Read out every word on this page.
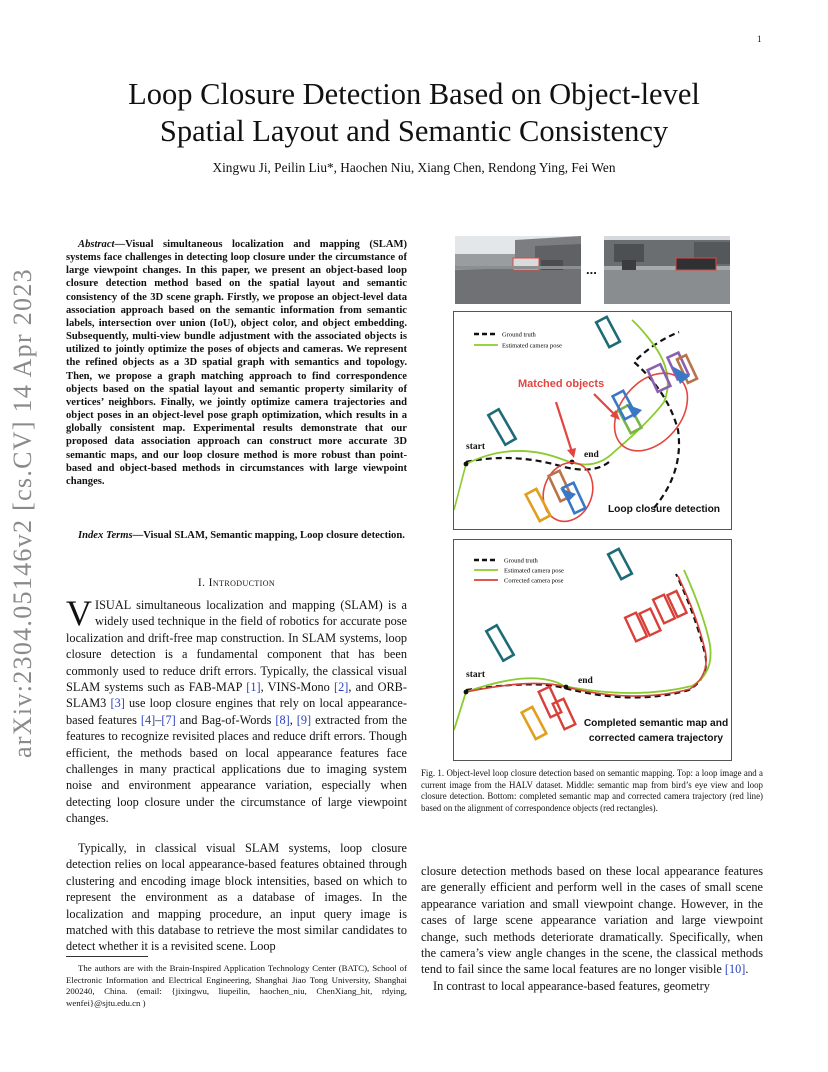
1
arXiv:2304.05146v2 [cs.CV] 14 Apr 2023
Loop Closure Detection Based on Object-level
Spatial Layout and Semantic Consistency
Xingwu Ji, Peilin Liu*, Haochen Niu, Xiang Chen, Rendong Ying, Fei Wen
Abstract—Visual simultaneous localization and mapping (SLAM) systems face challenges in detecting loop closure under the circumstance of large viewpoint changes. In this paper, we present an object-based loop closure detection method based on the spatial layout and semantic consistency of the 3D scene graph. Firstly, we propose an object-level data association approach based on the semantic information from semantic labels, intersection over union (IoU), object color, and object embedding. Subsequently, multi-view bundle adjustment with the associated objects is utilized to jointly optimize the poses of objects and cameras. We represent the refined objects as a 3D spatial graph with semantics and topology. Then, we propose a graph matching approach to find correspondence objects based on the spatial layout and semantic property similarity of vertices’ neighbors. Finally, we jointly optimize camera trajectories and object poses in an object-level pose graph optimization, which results in a globally consistent map. Experimental results demonstrate that our proposed data association approach can construct more accurate 3D semantic maps, and our loop closure method is more robust than point-based and object-based methods in circumstances with large viewpoint changes.
Index Terms—Visual SLAM, Semantic mapping, Loop closure detection.
I. Introduction
VISUAL simultaneous localization and mapping (SLAM) is a widely used technique in the field of robotics for accurate pose localization and drift-free map construction. In SLAM systems, loop closure detection is a fundamental component that has been commonly used to reduce drift errors. Typically, the classical visual SLAM systems such as FAB-MAP [1], VINS-Mono [2], and ORB-SLAM3 [3] use loop closure engines that rely on local appearance-based features [4]–[7] and Bag-of-Words [8], [9] extracted from the features to recognize revisited places and reduce drift errors. Though efficient, the methods based on local appearance features face challenges in many practical applications due to imaging system noise and environment appearance variation, especially when detecting loop closure under the circumstance of large viewpoint changes.
Typically, in classical visual SLAM systems, loop closure detection relies on local appearance-based features obtained through clustering and encoding image block intensities, based on which to represent the environment as a database of images. In the localization and mapping procedure, an input query image is matched with this database to retrieve the most similar candidates to detect whether it is a revisited scene. Loop
The authors are with the Brain-Inspired Application Technology Center (BATC), School of Electronic Information and Electrical Engineering, Shanghai Jiao Tong University, Shanghai 200240, China. (email: {jixingwu, liupeilin, haochen_niu, ChenXiang_hit, rdying, wenfei}@sjtu.edu.cn )
...
Ground truth
Estimated camera pose
Matched objects
start
end
Loop closure detection
Ground truth
Estimated camera pose
Corrected camera pose
start
end
Completed semantic map and
corrected camera trajectory
Fig. 1. Object-level loop closure detection based on semantic mapping. Top: a loop image and a current image from the HALV dataset. Middle: semantic map from bird’s eye view and loop closure detection. Bottom: completed semantic map and corrected camera trajectory (red line) based on the alignment of correspondence objects (red rectangles).
closure detection methods based on these local appearance features are generally efficient and perform well in the cases of small scene appearance variation and small viewpoint change. However, in the cases of large scene appearance variation and large viewpoint change, such methods deteriorate dramatically. Specifically, when the camera’s view angle changes in the scene, the classical methods tend to fail since the same local features are no longer visible [10].
In contrast to local appearance-based features, geometry
